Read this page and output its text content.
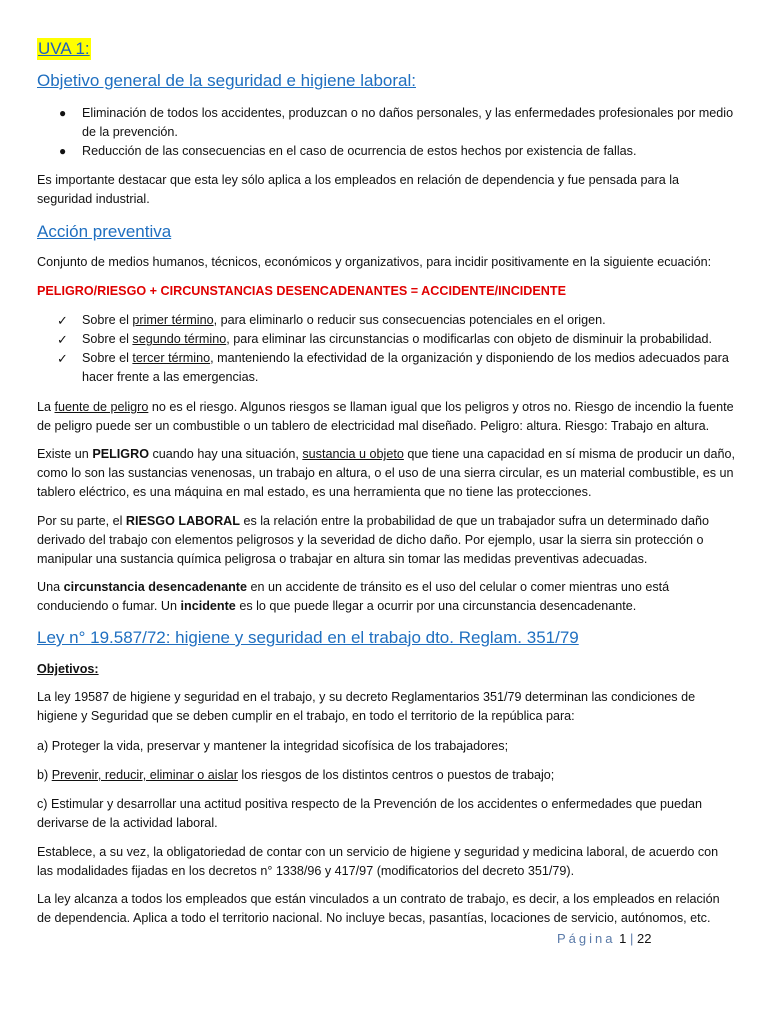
UVA 1:
Objetivo general de la seguridad e higiene laboral:
● Eliminación de todos los accidentes, produzcan o no daños personales, y las enfermedades profesionales por medio de la prevención.
● Reducción de las consecuencias en el caso de ocurrencia de estos hechos por existencia de fallas.
Es importante destacar que esta ley sólo aplica a los empleados en relación de dependencia y fue pensada para la seguridad industrial.
Acción preventiva
Conjunto de medios humanos, técnicos, económicos y organizativos, para incidir positivamente en la siguiente ecuación:
PELIGRO/RIESGO + CIRCUNSTANCIAS DESENCADENANTES = ACCIDENTE/INCIDENTE
✓ Sobre el primer término, para eliminarlo o reducir sus consecuencias potenciales en el origen.
✓ Sobre el segundo término, para eliminar las circunstancias o modificarlas con objeto de disminuir la probabilidad.
✓ Sobre el tercer término, manteniendo la efectividad de la organización y disponiendo de los medios adecuados para hacer frente a las emergencias.
La fuente de peligro no es el riesgo. Algunos riesgos se llaman igual que los peligros y otros no. Riesgo de incendio la fuente de peligro puede ser un combustible o un tablero de electricidad mal diseñado. Peligro: altura. Riesgo: Trabajo en altura.
Existe un PELIGRO cuando hay una situación, sustancia u objeto que tiene una capacidad en sí misma de producir un daño, como lo son las sustancias venenosas, un trabajo en altura, o el uso de una sierra circular, es un material combustible, es un tablero eléctrico, es una máquina en mal estado, es una herramienta que no tiene las protecciones.
Por su parte, el RIESGO LABORAL es la relación entre la probabilidad de que un trabajador sufra un determinado daño derivado del trabajo con elementos peligrosos y la severidad de dicho daño. Por ejemplo, usar la sierra sin protección o manipular una sustancia química peligrosa o trabajar en altura sin tomar las medidas preventivas adecuadas.
Una circunstancia desencadenante en un accidente de tránsito es el uso del celular o comer mientras uno está conduciendo o fumar. Un incidente es lo que puede llegar a ocurrir por una circunstancia desencadenante.
Ley n° 19.587/72: higiene y seguridad en el trabajo dto. Reglam. 351/79
Objetivos:
La ley 19587 de higiene y seguridad en el trabajo, y su decreto Reglamentarios 351/79 determinan las condiciones de higiene y Seguridad que se deben cumplir en el trabajo, en todo el territorio de la república para:
a) Proteger la vida, preservar y mantener la integridad sicofísica de los trabajadores;
b) Prevenir, reducir, eliminar o aislar los riesgos de los distintos centros o puestos de trabajo;
c) Estimular y desarrollar una actitud positiva respecto de la Prevención de los accidentes o enfermedades que puedan derivarse de la actividad laboral.
Establece, a su vez, la obligatoriedad de contar con un servicio de higiene y seguridad y medicina laboral, de acuerdo con las modalidades fijadas en los decretos n° 1338/96 y 417/97 (modificatorios del decreto 351/79).
La ley alcanza a todos los empleados que están vinculados a un contrato de trabajo, es decir, a los empleados en relación de dependencia. Aplica a todo el territorio nacional. No incluye becas, pasantías, locaciones de servicio, autónomos, etc.
Página 1 | 22
